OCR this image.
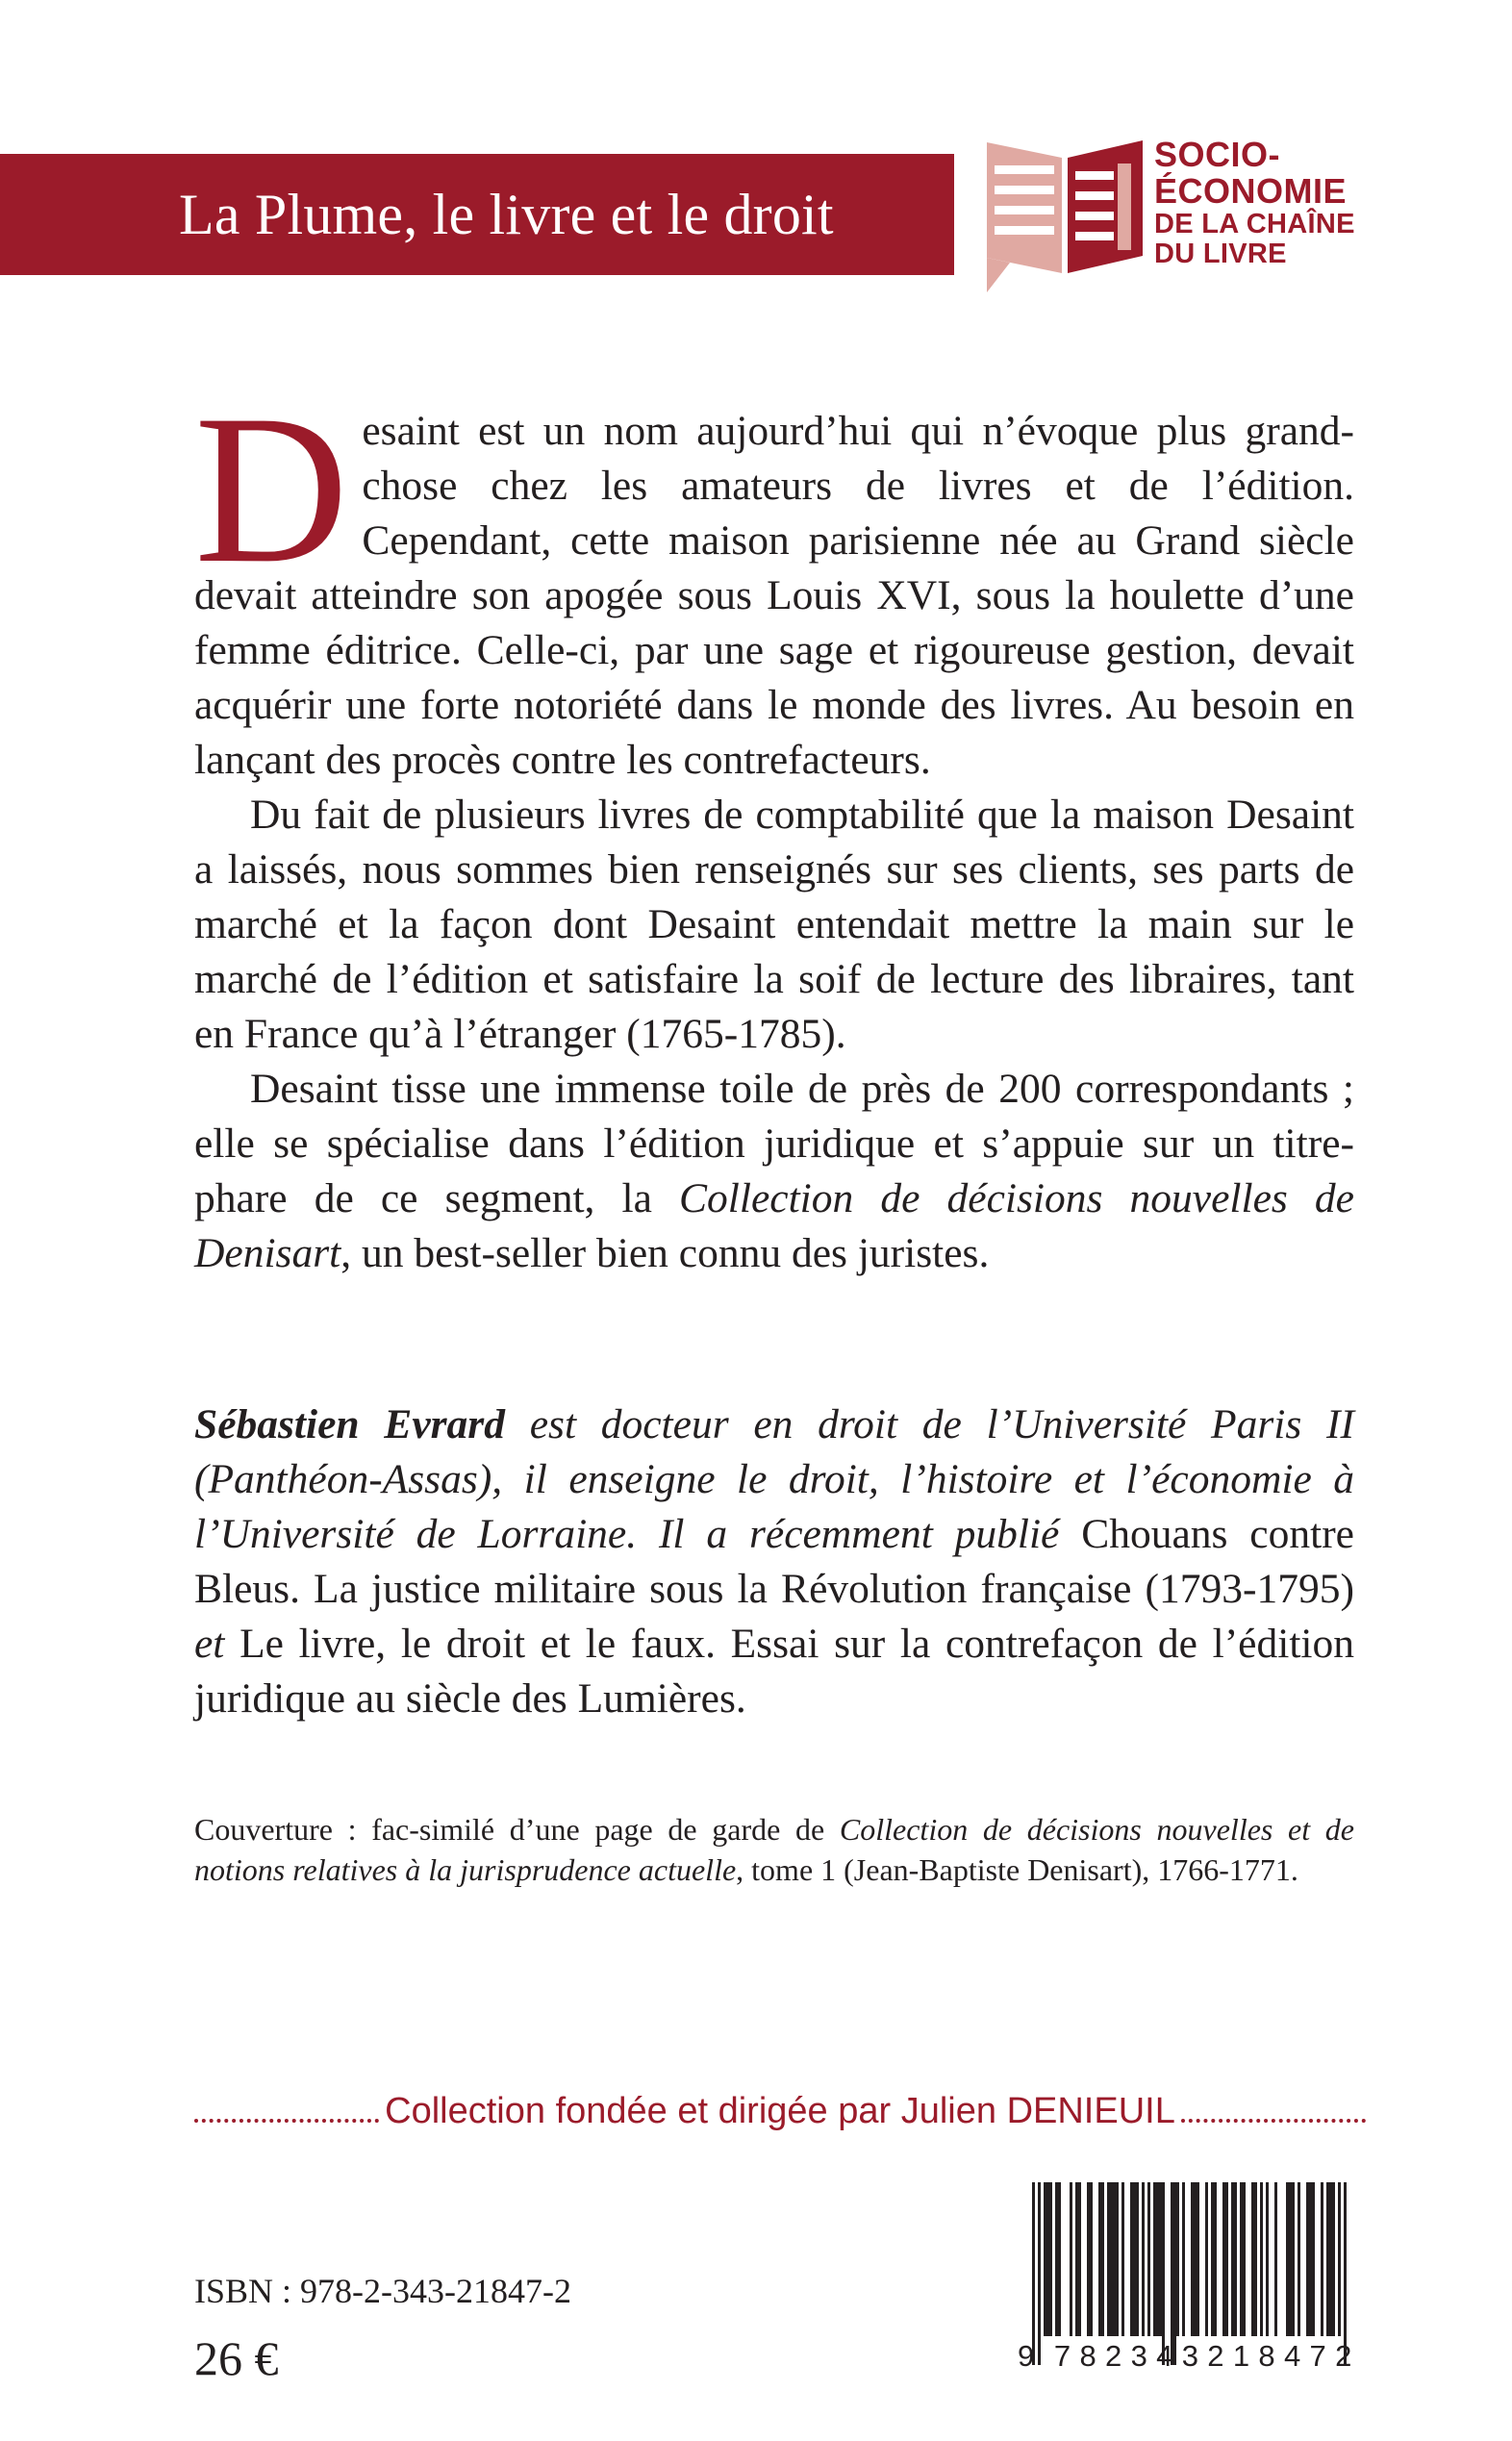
La Plume, le livre et le droit
SOCIO-
ÉCONOMIE
DE LA CHAÎNE
DU LIVRE

Desaint est un nom aujourd’hui qui n’évoque plus grand-chose chez les amateurs de livres et de l’édition. Cependant, cette maison parisienne née au Grand siècle devait atteindre son apogée sous Louis XVI, sous la houlette d’une femme éditrice. Celle-ci, par une sage et rigoureuse gestion, devait acquérir une forte notoriété dans le monde des livres. Au besoin en lançant des procès contre les contrefacteurs.

Du fait de plusieurs livres de comptabilité que la maison Desaint a laissés, nous sommes bien renseignés sur ses clients, ses parts de marché et la façon dont Desaint entendait mettre la main sur le marché de l’édition et satisfaire la soif de lecture des libraires, tant en France qu’à l’étranger (1765-1785).

Desaint tisse une immense toile de près de 200 correspondants ; elle se spécialise dans l’édition juridique et s’appuie sur un titre-phare de ce segment, la Collection de décisions nouvelles de Denisart, un best-seller bien connu des juristes.

Sébastien Evrard est docteur en droit de l’Université Paris II (Panthéon-Assas), il enseigne le droit, l’histoire et l’économie à l’Université de Lorraine. Il a récemment publié Chouans contre Bleus. La justice militaire sous la Révolution française (1793-1795) et Le livre, le droit et le faux. Essai sur la contrefaçon de l’édition juridique au siècle des Lumières.

Couverture : fac-similé d’une page de garde de Collection de décisions nouvelles et de notions relatives à la jurisprudence actuelle, tome 1 (Jean-Baptiste Denisart), 1766-1771.

Collection fondée et dirigée par Julien DENIEUIL
ISBN : 978-2-343-21847-2
26 €	9 7 8 2 3 4 3 2 1 8 4 7 2
